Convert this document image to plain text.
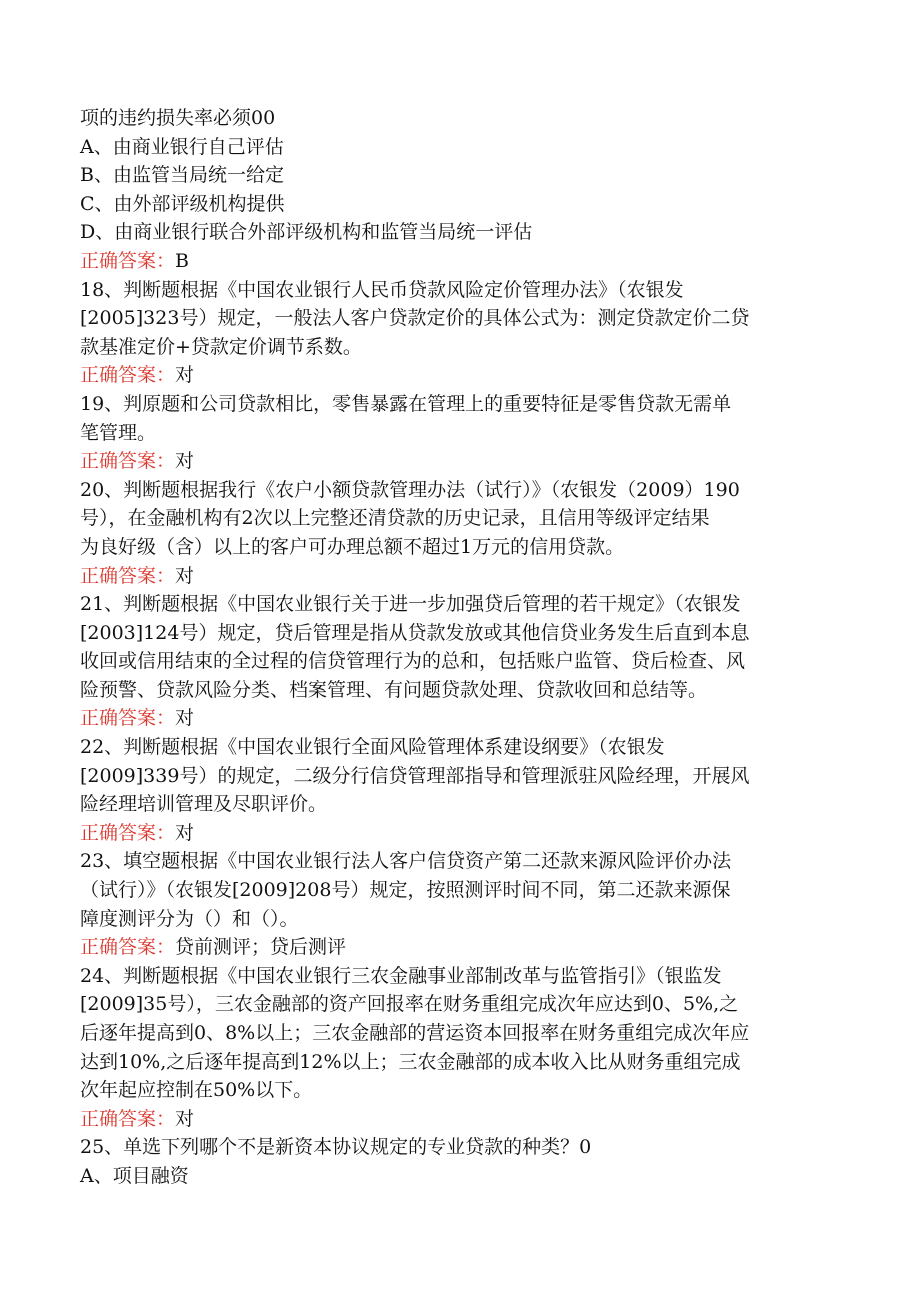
项的违约损失率必须00
A、由商业银行自己评估
B、由监管当局统一给定
C、由外部评级机构提供
D、由商业银行联合外部评级机构和监管当局统一评估
正确答案：B
18、判断题根据《中国农业银行人民币贷款风险定价管理办法》（农银发
[2005]323号）规定，一般法人客户贷款定价的具体公式为：测定贷款定价二贷
款基准定价+贷款定价调节系数。
正确答案：对
19、判原题和公司贷款相比，零售暴露在管理上的重要特征是零售贷款无需单
笔管理。
正确答案：对
20、判断题根据我行《农户小额贷款管理办法（试行）》（农银发（2009）190
号），在金融机构有2次以上完整还清贷款的历史记录，且信用等级评定结果
为良好级（含）以上的客户可办理总额不超过1万元的信用贷款。
正确答案：对
21、判断题根据《中国农业银行关于进一步加强贷后管理的若干规定》（农银发
[2003]124号）规定，贷后管理是指从贷款发放或其他信贷业务发生后直到本息
收回或信用结束的全过程的信贷管理行为的总和，包括账户监管、贷后检查、风
险预警、贷款风险分类、档案管理、有问题贷款处理、贷款收回和总结等。
正确答案：对
22、判断题根据《中国农业银行全面风险管理体系建设纲要》（农银发
[2009]339号）的规定，二级分行信贷管理部指导和管理派驻风险经理，开展风
险经理培训管理及尽职评价。
正确答案：对
23、填空题根据《中国农业银行法人客户信贷资产第二还款来源风险评价办法
（试行）》（农银发[2009]208号）规定，按照测评时间不同，第二还款来源保
障度测评分为（）和（）。
正确答案：贷前测评；贷后测评
24、判断题根据《中国农业银行三农金融事业部制改革与监管指引》（银监发
[2009]35号），三农金融部的资产回报率在财务重组完成次年应达到0、5%,之
后逐年提高到0、8%以上；三农金融部的营运资本回报率在财务重组完成次年应
达到10%,之后逐年提高到12%以上；三农金融部的成本收入比从财务重组完成
次年起应控制在50%以下。
正确答案：对
25、单选下列哪个不是新资本协议规定的专业贷款的种类？0
A、项目融资
